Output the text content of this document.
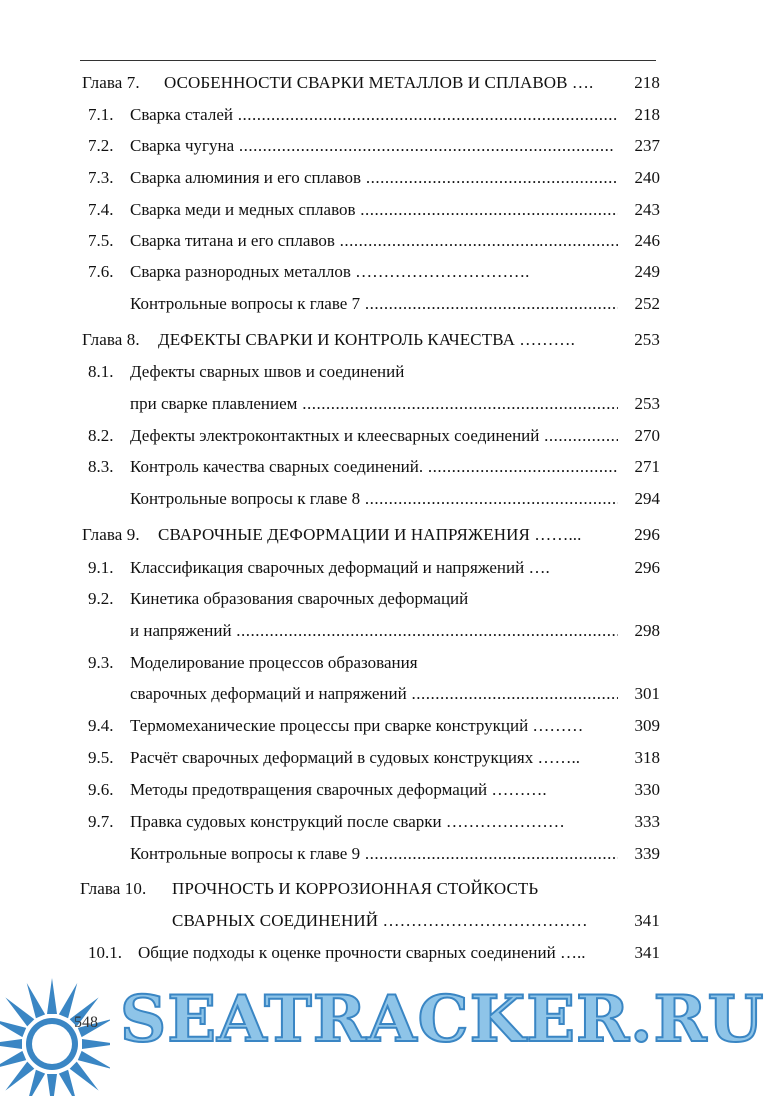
Глава 7. ОСОБЕННОСТИ СВАРКИ МЕТАЛЛОВ И СПЛАВОВ ….	218
7.1. Сварка сталей .....	218
7.2. Сварка чугуна .....	237
7.3. Сварка алюминия и его сплавов .....	240
7.4. Сварка меди и медных сплавов .....	243
7.5. Сварка титана и его сплавов .....	246
7.6. Сварка разнородных металлов ………………………….	249
Контрольные вопросы к главе 7 .....	252
Глава 8. ДЕФЕКТЫ СВАРКИ И КОНТРОЛЬ КАЧЕСТВА ……….	253
8.1. Дефекты сварных швов и соединений
при сварке плавлением .....	253
8.2. Дефекты электроконтактных и клеесварных соединений .....	270
8.3. Контроль качества сварных соединений. .....	271
Контрольные вопросы к главе 8 .....	294
Глава 9. СВАРОЧНЫЕ ДЕФОРМАЦИИ И НАПРЯЖЕНИЯ ……...	296
9.1. Классификация сварочных деформаций и напряжений ….	296
9.2. Кинетика образования сварочных деформаций
и напряжений .....	298
9.3. Моделирование процессов образования
сварочных деформаций и напряжений .....	301
9.4. Термомеханические процессы при сварке конструкций ………	309
9.5. Расчёт сварочных деформаций в судовых конструкциях ……..	318
9.6. Методы предотвращения сварочных деформаций ……….	330
9.7. Правка судовых конструкций после сварки …………………	333
Контрольные вопросы к главе 9 .....	339
Глава 10. ПРОЧНОСТЬ И КОРРОЗИОННАЯ СТОЙКОСТЬ
СВАРНЫХ СОЕДИНЕНИЙ ………………………………	341
10.1. Общие подходы к оценке прочности сварных соединений …..	341
548 SEATRACKER.RU
